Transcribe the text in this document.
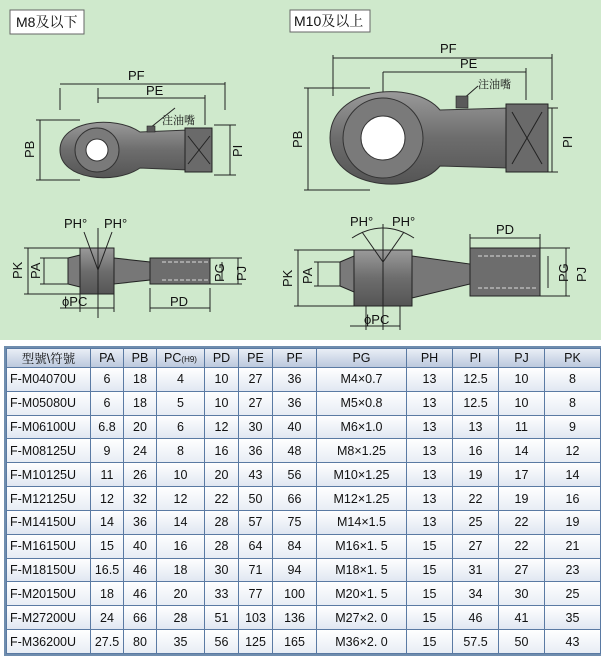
M8及以下	M10及以上
PF
PE
注油嘴
PB	PI
PH° PH°
PK PA
ϕPC	PD
PG PJ
PF
PE
注油嘴
PB	PI
PH° PH°
PK PA
ϕPC
PD
PG PJ
型號\符號	PA	PB	PC(H9)	PD	PE	PF	PG	PH	PI	PJ	PK
F-M04070U	6	18	4	10	27	36	M4×0.7	13	12.5	10	8
F-M05080U	6	18	5	10	27	36	M5×0.8	13	12.5	10	8
F-M06100U	6.8	20	6	12	30	40	M6×1.0	13	13	11	9
F-M08125U	9	24	8	16	36	48	M8×1.25	13	16	14	12
F-M10125U	11	26	10	20	43	56	M10×1.25	13	19	17	14
F-M12125U	12	32	12	22	50	66	M12×1.25	13	22	19	16
F-M14150U	14	36	14	28	57	75	M14×1.5	13	25	22	19
F-M16150U	15	40	16	28	64	84	M16×1. 5	15	27	22	21
F-M18150U	16.5	46	18	30	71	94	M18×1. 5	15	31	27	23
F-M20150U	18	46	20	33	77	100	M20×1. 5	15	34	30	25
F-M27200U	24	66	28	51	103	136	M27×2. 0	15	46	41	35
F-M36200U	27.5	80	35	56	125	165	M36×2. 0	15	57.5	50	43
